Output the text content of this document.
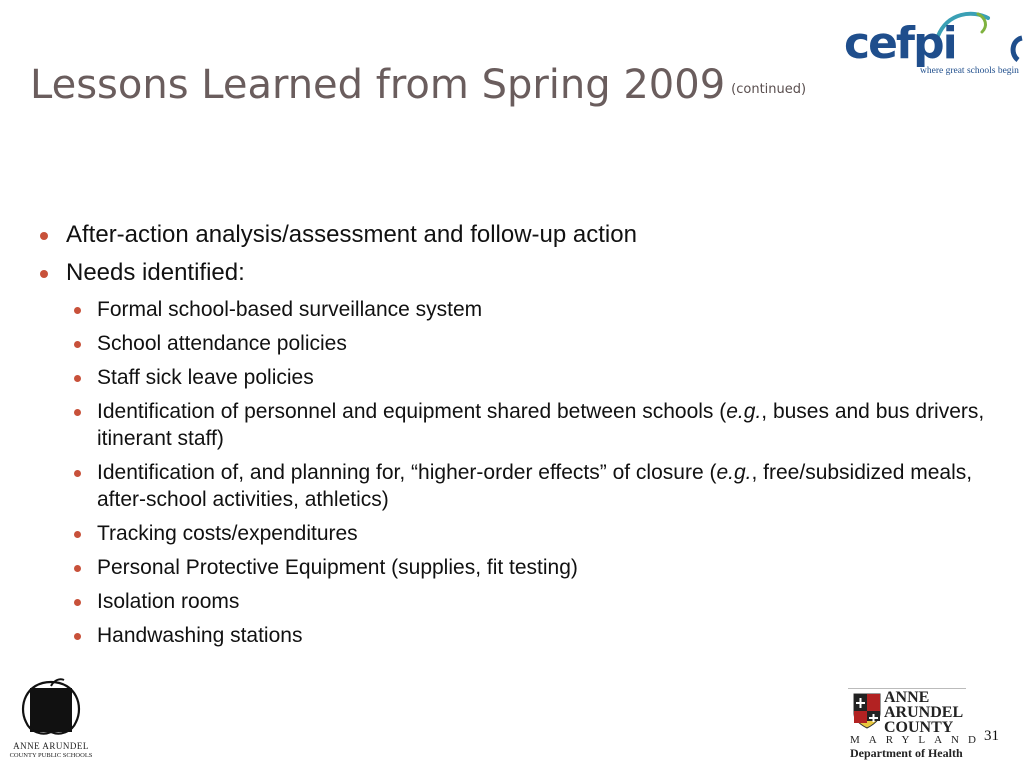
Lessons Learned from Spring 2009 (continued)
cefpi
where great schools begin
After-action analysis/assessment and follow-up action
Needs identified:
Formal school-based surveillance system
School attendance policies
Staff sick leave policies
Identification of personnel and equipment shared between schools (e.g., buses and bus drivers, itinerant staff)
Identification of, and planning for, “higher-order effects” of closure (e.g., free/subsidized meals, after-school activities, athletics)
Tracking costs/expenditures
Personal Protective Equipment (supplies, fit testing)
Isolation rooms
Handwashing stations
ANNE ARUNDEL
COUNTY PUBLIC SCHOOLS
ANNE
ARUNDEL
COUNTY
MARYLAND
Department of Health
31
